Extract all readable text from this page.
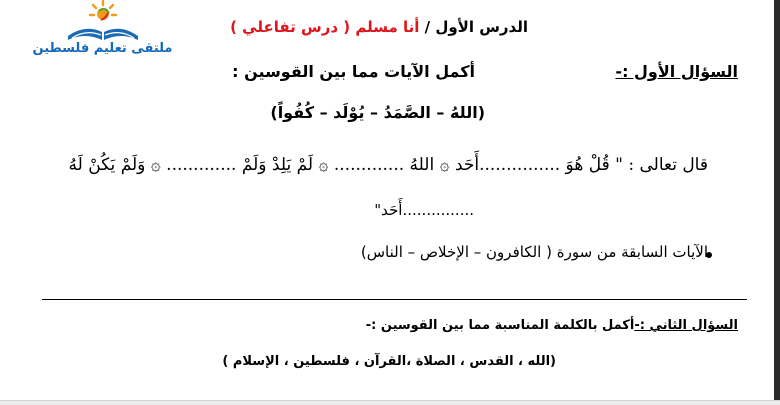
ملتقى تعليم فلسطين
الدرس الأول / أنا مسلم ( درس تفاعلي )
السؤال الأول :-
أكمل الآيات مما بين القوسين :
(اللهُ – الصَّمَدُ – يُوْلَد – كُفُواً)
قال تعالى : " قُلْ هُوَ ...............أَحَد ۞ اللهُ ............. ۞ لَمْ يَلِدْ وَلَمْ ............. ۞ وَلَمْ يَكُنْ لَهُ
...............أَحَد"
الآيات السابقة من سورة ( الكافرون – الإخلاص – الناس)
السؤال الثاني :-أكمل بالكلمة المناسبة مما بين القوسين :-
(الله ، القدس ، الصلاة ،القرآن ، فلسطين ، الإسلام )
